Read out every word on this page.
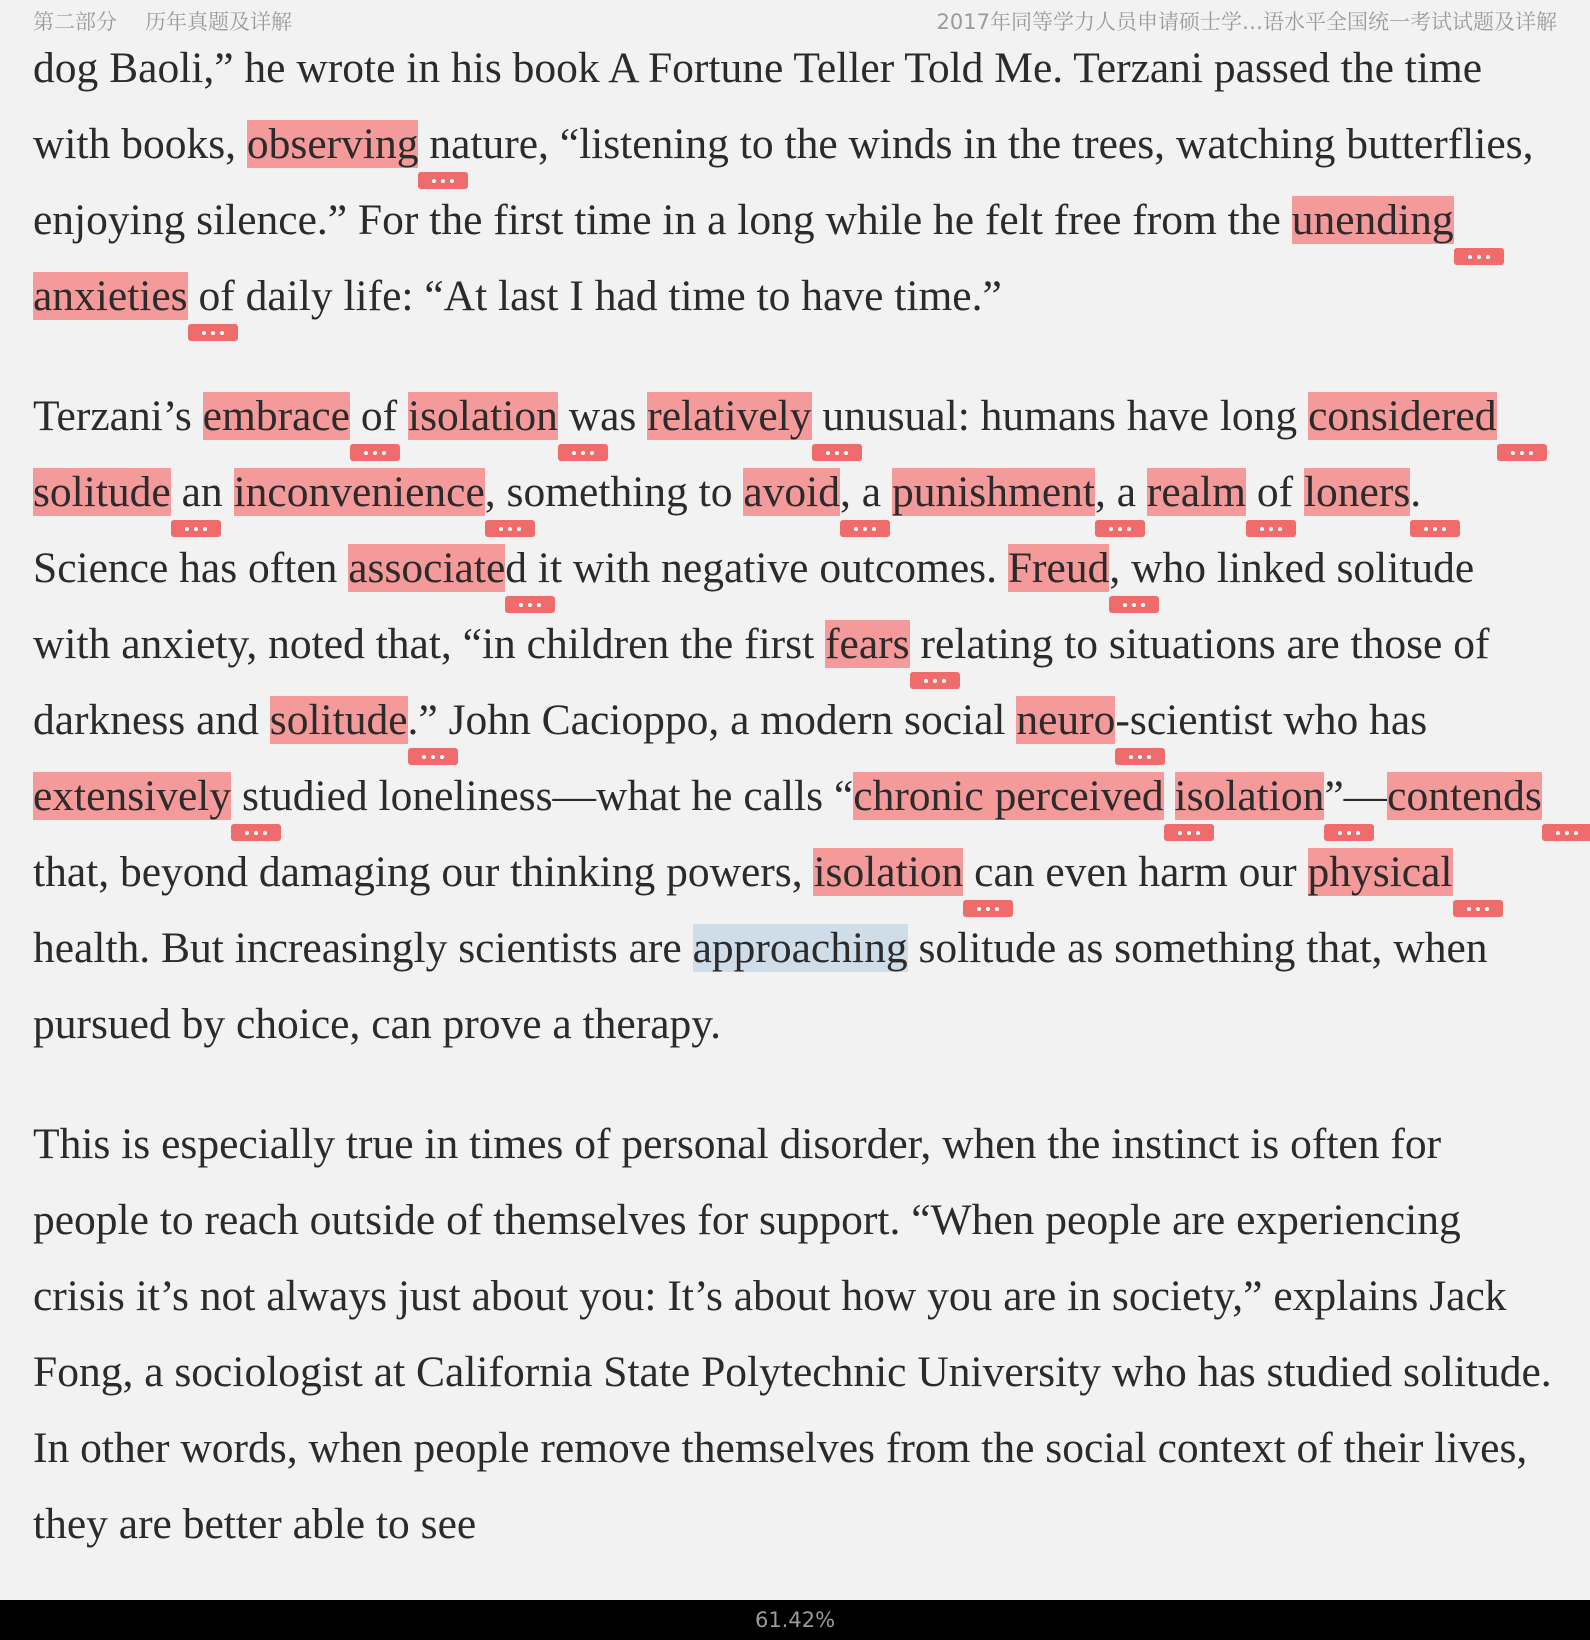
第二部分 历年真题及详解	2017年同等学力人员申请硕士学…语水平全国统一考试试题及详解

dog Baoli,” he wrote in his book A Fortune Teller Told Me. Terzani passed the time with books, observing
nature, “listening to the winds in the trees, watching butterflies, enjoying silence.” For the first time in a long while he felt free from the unending
anxieties
of daily life: “At last I had time to have time.”

Terzani’s embrace
of isolation
was relatively
unusual: humans have long considered
solitude
an inconvenience
, something to avoid
, a punishment
, a realm
of loners
. Science has often associate
d it with negative outcomes. Freud
, who linked solitude with anxiety, noted that, “in children the first fears
relating to situations are those of darkness and solitude
.” John Cacioppo, a modern social neuro
-scientist who has extensively
studied loneliness—what he calls “chronic perceived isolation
”—contends
that, beyond damaging our thinking powers, isolation
can even harm our physical
health. But increasingly scientists are approaching solitude as something that, when pursued by choice, can prove a therapy.

This is especially true in times of personal disorder, when the instinct is often for people to reach outside of themselves for support. “When people are experiencing crisis it’s not always just about you: It’s about how you are in society,” explains Jack Fong, a sociologist at California State Polytechnic University who has studied solitude. In other words, when people remove themselves from the social context of their lives, they are better able to see

61.42%
